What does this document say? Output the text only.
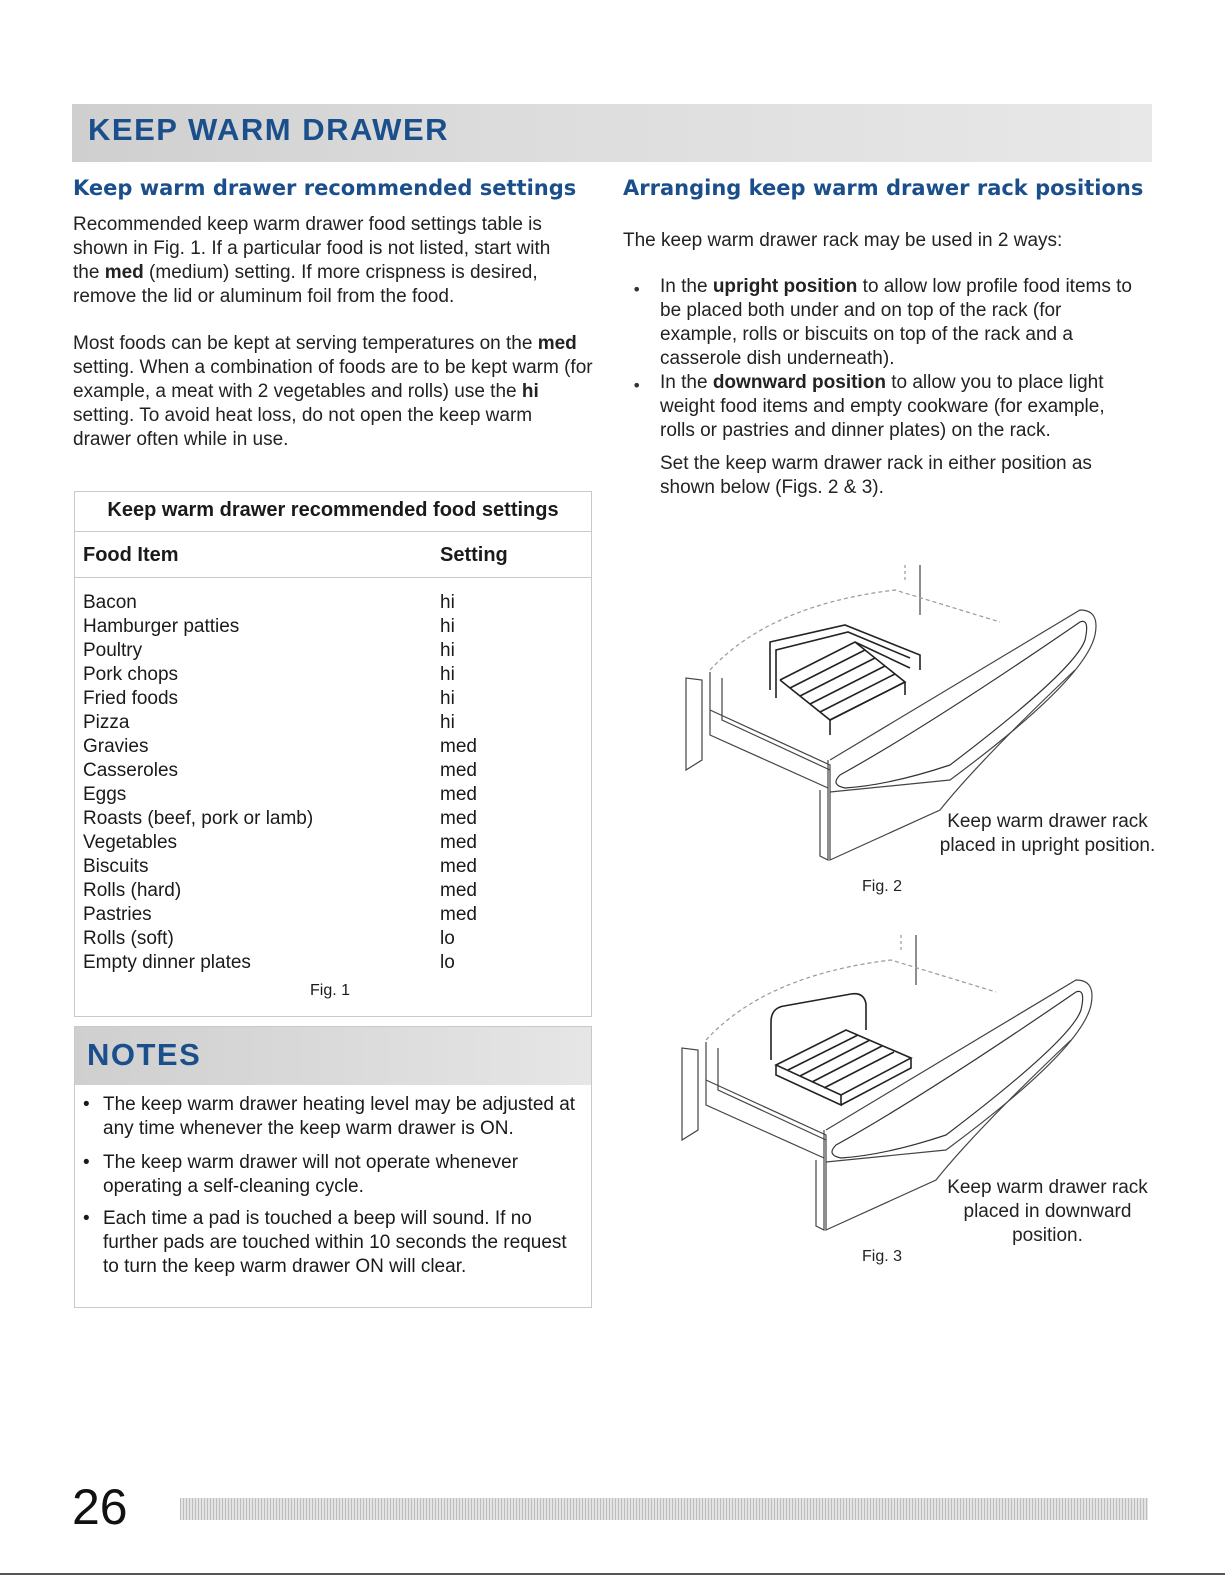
KEEP WARM DRAWER
Keep warm drawer recommended settings
Recommended keep warm drawer food settings table is shown in Fig. 1. If a particular food is not listed, start with the med (medium) setting. If more crispness is desired, remove the lid or aluminum foil from the food.
Most foods can be kept at serving temperatures on the med setting. When a combination of foods are to be kept warm (for example, a meat with 2 vegetables and rolls) use the hi setting. To avoid heat loss, do not open the keep warm drawer often while in use.
Keep warm drawer recommended food settings
Food Item	Setting
Bacon	hi
Hamburger patties	hi
Poultry	hi
Pork chops	hi
Fried foods	hi
Pizza	hi
Gravies	med
Casseroles	med
Eggs	med
Roasts (beef, pork or lamb)	med
Vegetables	med
Biscuits	med
Rolls (hard)	med
Pastries	med
Rolls (soft)	lo
Empty dinner plates	lo
Fig. 1
NOTES
• The keep warm drawer heating level may be adjusted at any time whenever the keep warm drawer is ON.
• The keep warm drawer will not operate whenever operating a self-cleaning cycle.
• Each time a pad is touched a beep will sound. If no further pads are touched within 10 seconds the request to turn the keep warm drawer ON will clear.
Arranging keep warm drawer rack positions
The keep warm drawer rack may be used in 2 ways:
• In the upright position to allow low profile food items to be placed both under and on top of the rack (for example, rolls or biscuits on top of the rack and a casserole dish underneath).
• In the downward position to allow you to place light weight food items and empty cookware (for example, rolls or pastries and dinner plates) on the rack.
Set the keep warm drawer rack in either position as shown below (Figs. 2 & 3).
Keep warm drawer rack placed in upright position.
Fig. 2
Keep warm drawer rack placed in downward position.
Fig. 3
26
